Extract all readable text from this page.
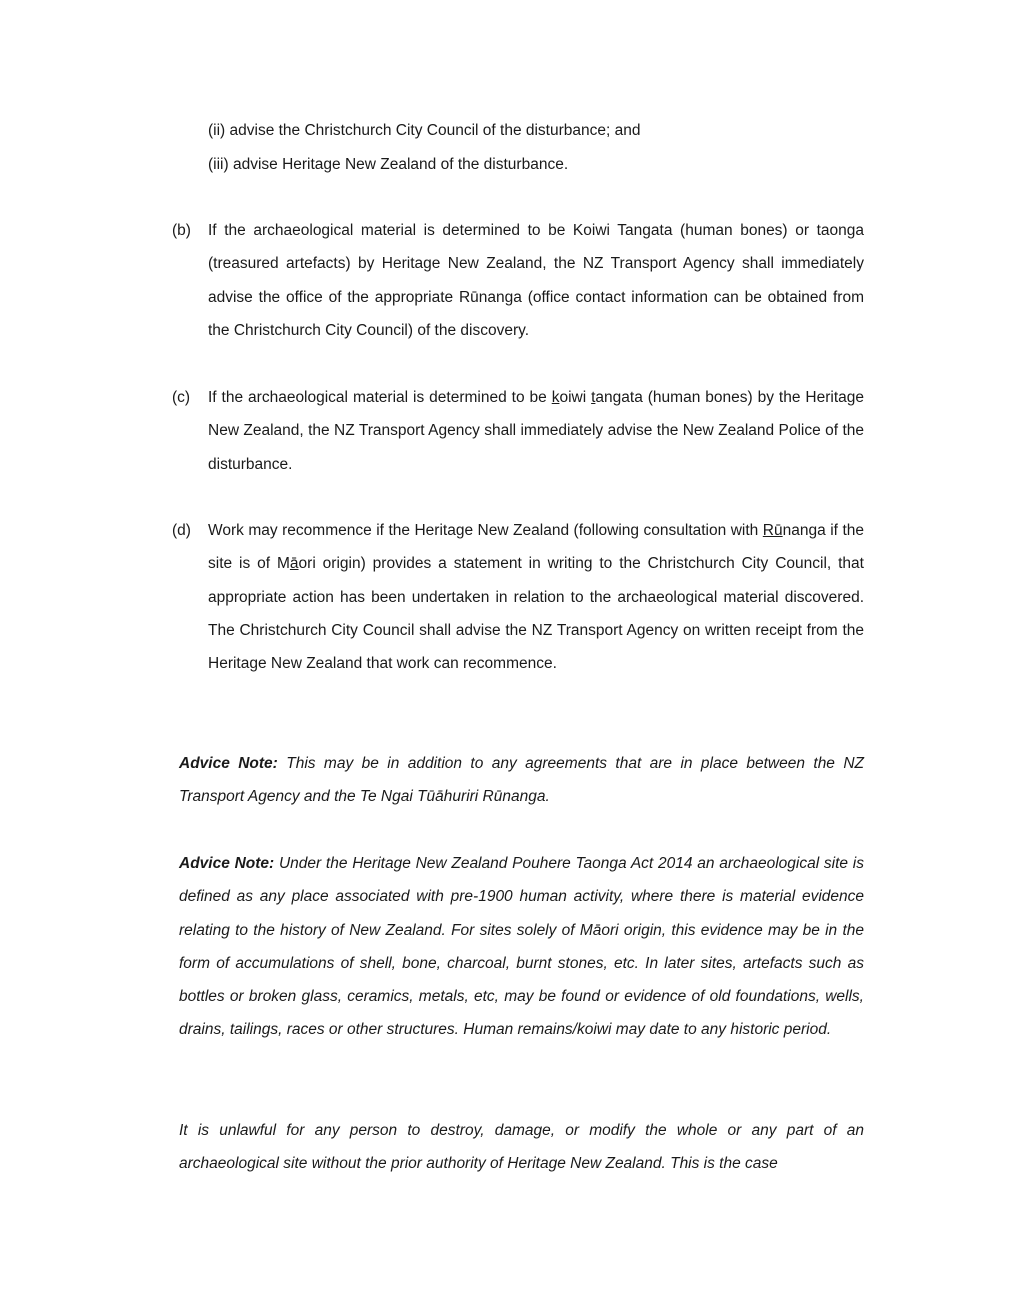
(ii) advise the Christchurch City Council of the disturbance; and
(iii) advise Heritage New Zealand of the disturbance.
(b) If the archaeological material is determined to be Koiwi Tangata (human bones) or taonga (treasured artefacts) by Heritage New Zealand, the NZ Transport Agency shall immediately advise the office of the appropriate Rūnanga (office contact information can be obtained from the Christchurch City Council) of the discovery.
(c) If the archaeological material is determined to be koiwi tangata (human bones) by the Heritage New Zealand, the NZ Transport Agency shall immediately advise the New Zealand Police of the disturbance.
(d) Work may recommence if the Heritage New Zealand (following consultation with Rūnanga if the site is of Māori origin) provides a statement in writing to the Christchurch City Council, that appropriate action has been undertaken in relation to the archaeological material discovered. The Christchurch City Council shall advise the NZ Transport Agency on written receipt from the Heritage New Zealand that work can recommence.
Advice Note: This may be in addition to any agreements that are in place between the NZ Transport Agency and the Te Ngai Tūāhuriri Rūnanga.
Advice Note: Under the Heritage New Zealand Pouhere Taonga Act 2014 an archaeological site is defined as any place associated with pre-1900 human activity, where there is material evidence relating to the history of New Zealand. For sites solely of Māori origin, this evidence may be in the form of accumulations of shell, bone, charcoal, burnt stones, etc. In later sites, artefacts such as bottles or broken glass, ceramics, metals, etc, may be found or evidence of old foundations, wells, drains, tailings, races or other structures. Human remains/koiwi may date to any historic period.
It is unlawful for any person to destroy, damage, or modify the whole or any part of an archaeological site without the prior authority of Heritage New Zealand. This is the case
